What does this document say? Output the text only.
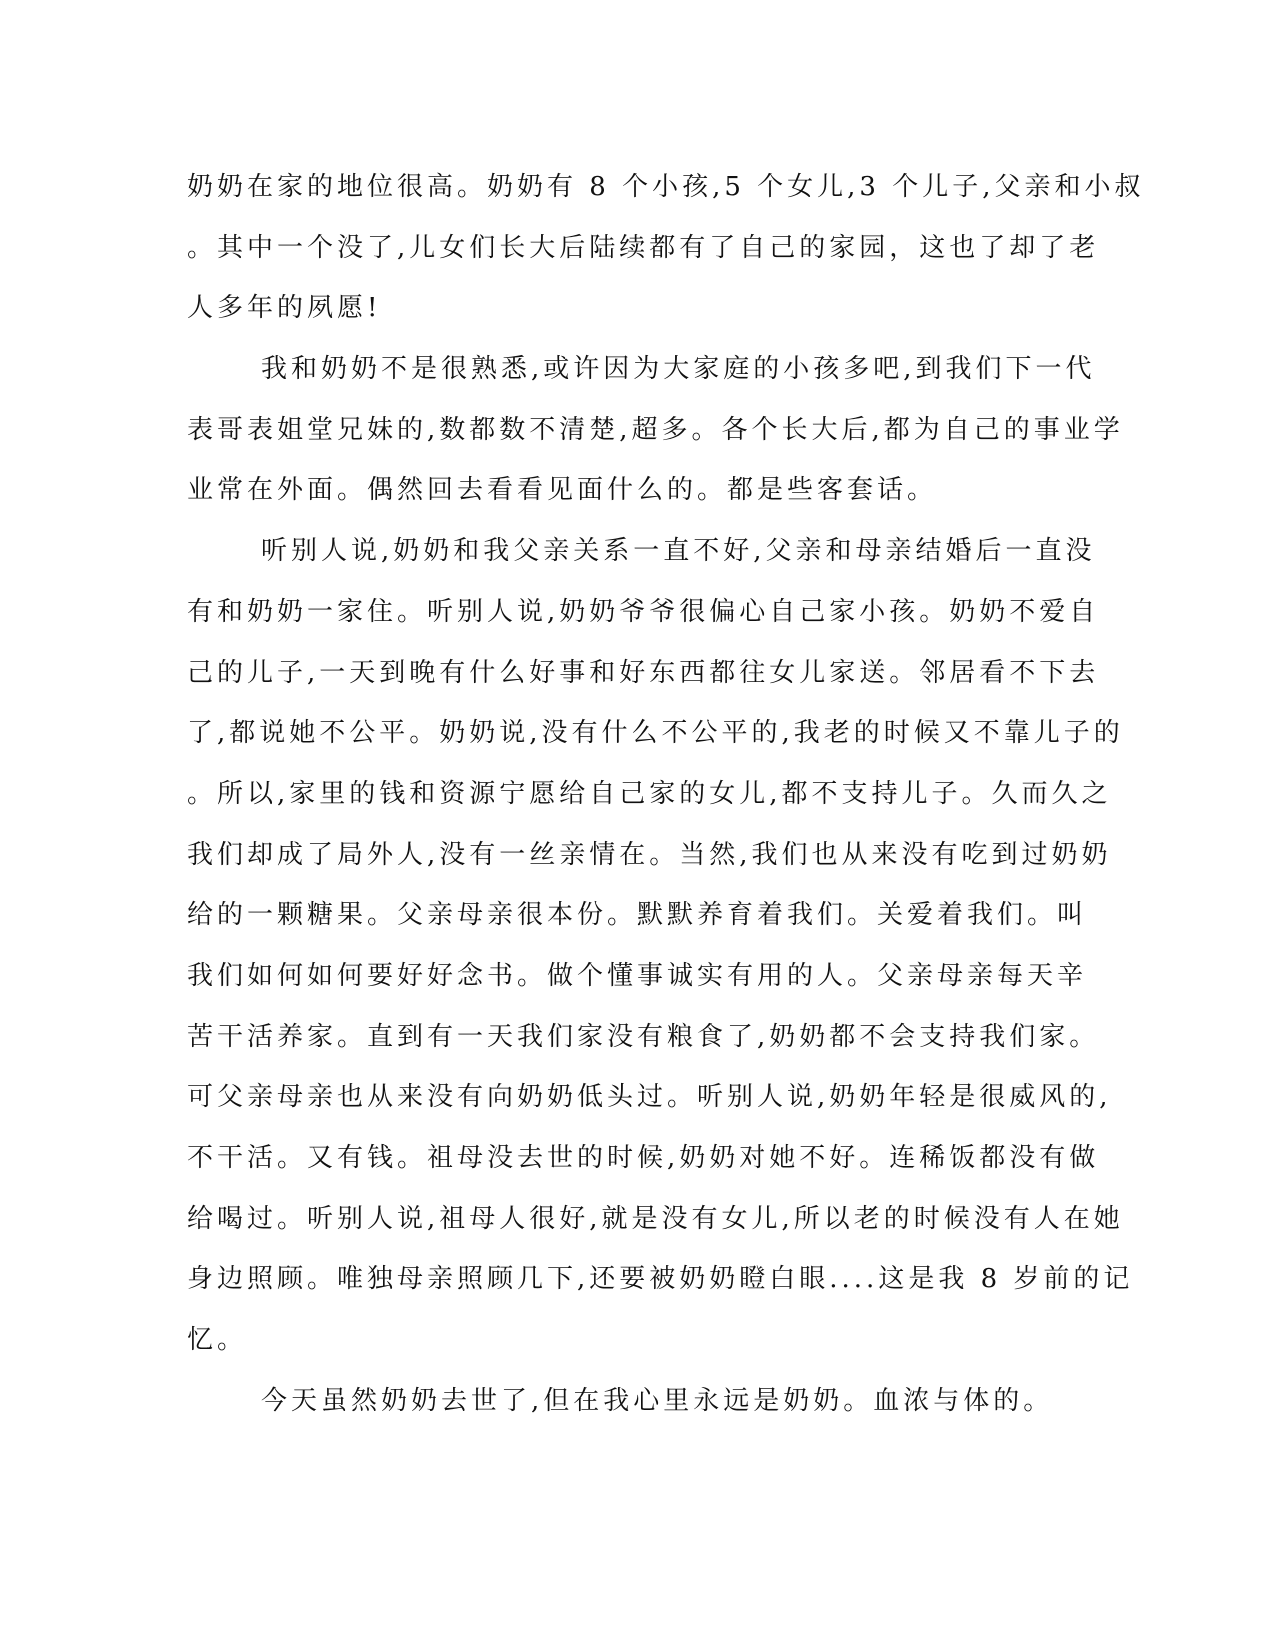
奶奶在家的地位很高。奶奶有 8 个小孩,5 个女儿,3 个儿子,父亲和小叔
。其中一个没了,儿女们长大后陆续都有了自己的家园，这也了却了老
人多年的夙愿!
我和奶奶不是很熟悉,或许因为大家庭的小孩多吧,到我们下一代
表哥表姐堂兄妹的,数都数不清楚,超多。各个长大后,都为自己的事业学
业常在外面。偶然回去看看见面什么的。都是些客套话。
听别人说,奶奶和我父亲关系一直不好,父亲和母亲结婚后一直没
有和奶奶一家住。听别人说,奶奶爷爷很偏心自己家小孩。奶奶不爱自
己的儿子,一天到晚有什么好事和好东西都往女儿家送。邻居看不下去
了,都说她不公平。奶奶说,没有什么不公平的,我老的时候又不靠儿子的
。所以,家里的钱和资源宁愿给自己家的女儿,都不支持儿子。久而久之
我们却成了局外人,没有一丝亲情在。当然,我们也从来没有吃到过奶奶
给的一颗糖果。父亲母亲很本份。默默养育着我们。关爱着我们。叫
我们如何如何要好好念书。做个懂事诚实有用的人。父亲母亲每天辛
苦干活养家。直到有一天我们家没有粮食了,奶奶都不会支持我们家。
可父亲母亲也从来没有向奶奶低头过。听别人说,奶奶年轻是很威风的,
不干活。又有钱。祖母没去世的时候,奶奶对她不好。连稀饭都没有做
给喝过。听别人说,祖母人很好,就是没有女儿,所以老的时候没有人在她
身边照顾。唯独母亲照顾几下,还要被奶奶瞪白眼....这是我 8 岁前的记
忆。
今天虽然奶奶去世了,但在我心里永远是奶奶。血浓与体的。
